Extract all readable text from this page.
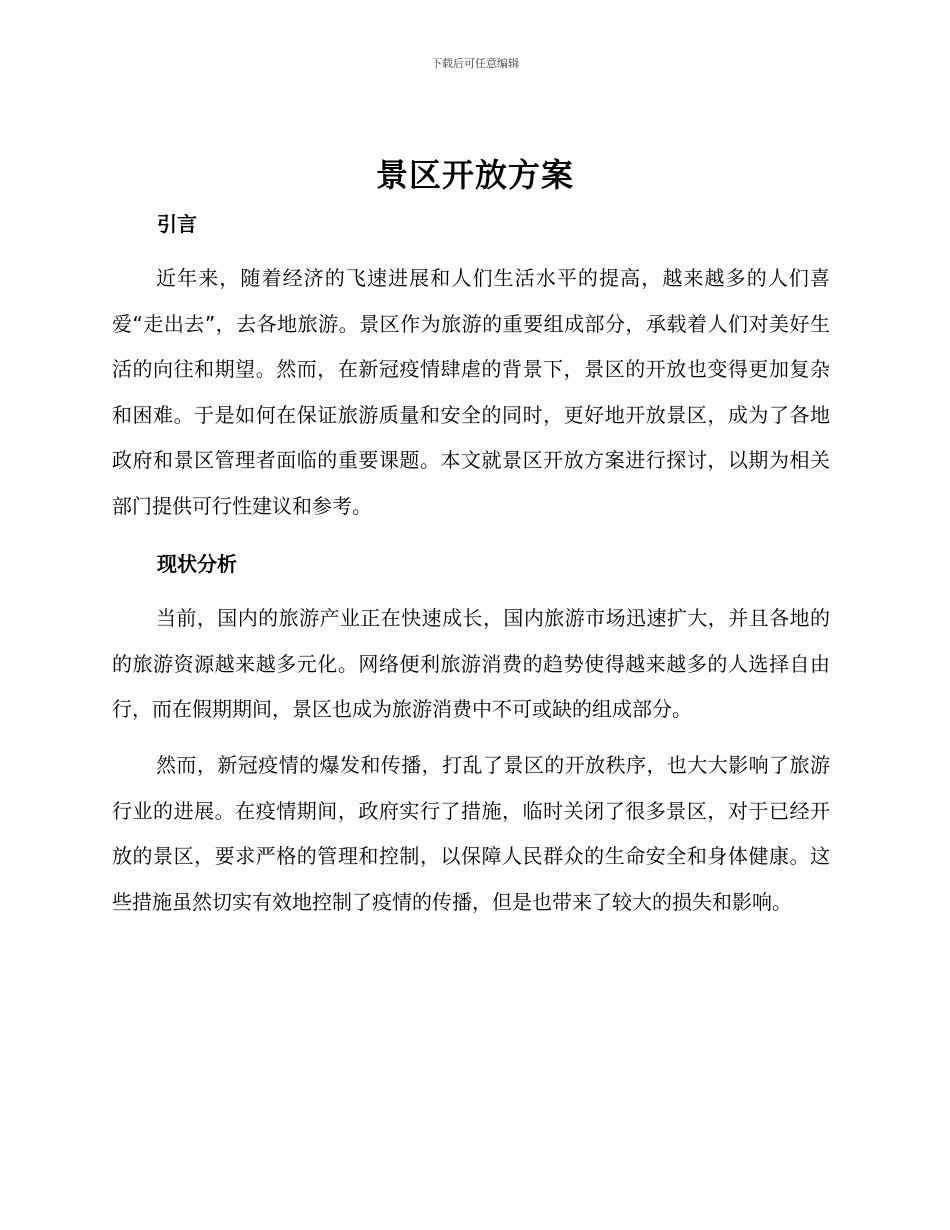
下载后可任意编辑
景区开放方案
引言

近年来，随着经济的飞速进展和人们生活水平的提高，越来越多的人们喜爱“走出去”，去各地旅游。景区作为旅游的重要组成部分，承载着人们对美好生活的向往和期望。然而，在新冠疫情肆虐的背景下，景区的开放也变得更加复杂和困难。于是如何在保证旅游质量和安全的同时，更好地开放景区，成为了各地政府和景区管理者面临的重要课题。本文就景区开放方案进行探讨，以期为相关部门提供可行性建议和参考。

现状分析

当前，国内的旅游产业正在快速成长，国内旅游市场迅速扩大，并且各地的的旅游资源越来越多元化。网络便利旅游消费的趋势使得越来越多的人选择自由行，而在假期期间，景区也成为旅游消费中不可或缺的组成部分。

然而，新冠疫情的爆发和传播，打乱了景区的开放秩序，也大大影响了旅游行业的进展。在疫情期间，政府实行了措施，临时关闭了很多景区，对于已经开放的景区，要求严格的管理和控制，以保障人民群众的生命安全和身体健康。这些措施虽然切实有效地控制了疫情的传播，但是也带来了较大的损失和影响。
